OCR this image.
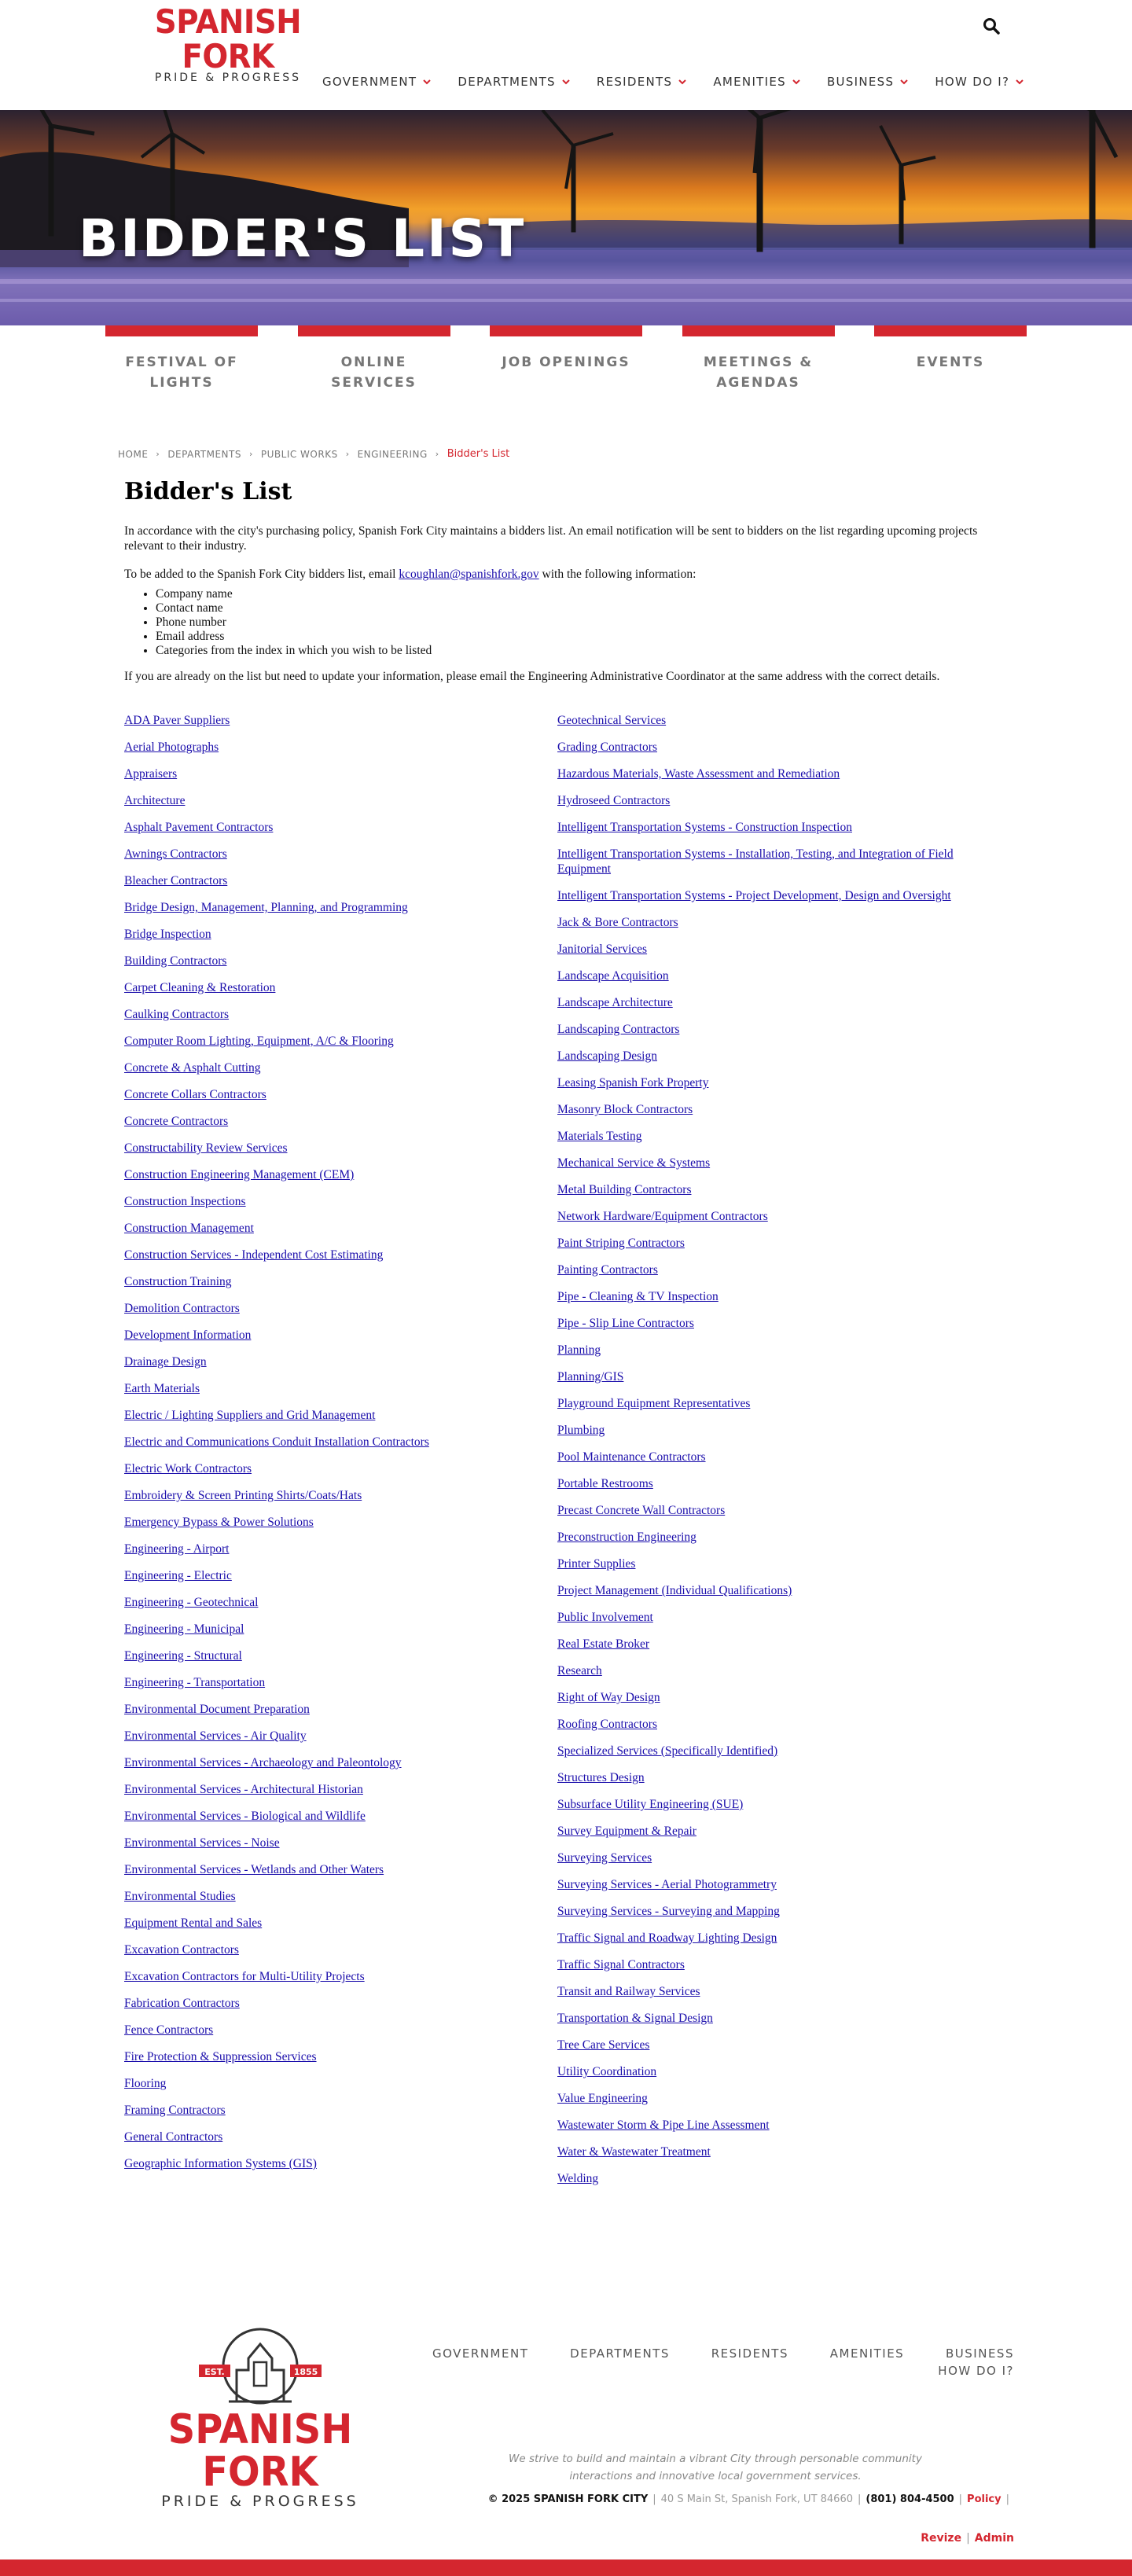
SPANISH FORK
PRIDE & PROGRESS	GOVERNMENT	DEPARTMENTS	RESIDENTS	AMENITIES	BUSINESS	HOW DO I?
BIDDER'S LIST
FESTIVAL OF LIGHTS
ONLINE SERVICES
JOB OPENINGS	MEETINGS & AGENDAS
EVENTS
HOME › DEPARTMENTS › PUBLIC WORKS › ENGINEERING › Bidder's List
Bidder's List

In accordance with the city's purchasing policy, Spanish Fork City maintains a bidders list. An email notification will be sent to bidders on the list regarding upcoming projects relevant to their industry.

To be added to the Spanish Fork City bidders list, email kcoughlan@spanishfork.gov with the following information:

• Company name
• Contact name
• Phone number
• Email address
• Categories from the index in which you wish to be listed

If you are already on the list but need to update your information, please email the Engineering Administrative Coordinator at the same address with the correct details.

ADA Paver Suppliers
Aerial Photographs
Appraisers
Architecture
Asphalt Pavement Contractors
Awnings Contractors
Bleacher Contractors
Bridge Design, Management, Planning, and Programming
Bridge Inspection
Building Contractors
Carpet Cleaning & Restoration
Caulking Contractors
Computer Room Lighting, Equipment, A/C & Flooring
Concrete & Asphalt Cutting
Concrete Collars Contractors
Concrete Contractors
Constructability Review Services
Construction Engineering Management (CEM)
Construction Inspections
Construction Management
Construction Services - Independent Cost Estimating
Construction Training
Demolition Contractors
Development Information
Drainage Design
Earth Materials
Electric / Lighting Suppliers and Grid Management
Electric and Communications Conduit Installation Contractors
Electric Work Contractors
Embroidery & Screen Printing Shirts/Coats/Hats
Emergency Bypass & Power Solutions
Engineering - Airport
Engineering - Electric
Engineering - Geotechnical
Engineering - Municipal
Engineering - Structural
Engineering - Transportation
Environmental Document Preparation
Environmental Services - Air Quality
Environmental Services - Archaeology and Paleontology
Environmental Services - Architectural Historian
Environmental Services - Biological and Wildlife
Environmental Services - Noise
Environmental Services - Wetlands and Other Waters
Environmental Studies
Equipment Rental and Sales
Excavation Contractors
Excavation Contractors for Multi-Utility Projects
Fabrication Contractors
Fence Contractors
Fire Protection & Suppression Services
Flooring
Framing Contractors
General Contractors
Geographic Information Systems (GIS)
Geotechnical Services
Grading Contractors
Hazardous Materials, Waste Assessment and Remediation
Hydroseed Contractors
Intelligent Transportation Systems - Construction Inspection
Intelligent Transportation Systems - Installation, Testing, and Integration of Field Equipment
Intelligent Transportation Systems - Project Development, Design and Oversight
Jack & Bore Contractors
Janitorial Services
Landscape Acquisition
Landscape Architecture
Landscaping Contractors
Landscaping Design
Leasing Spanish Fork Property
Masonry Block Contractors
Materials Testing
Mechanical Service & Systems
Metal Building Contractors
Network Hardware/Equipment Contractors
Paint Striping Contractors
Painting Contractors
Pipe - Cleaning & TV Inspection
Pipe - Slip Line Contractors
Planning
Planning/GIS
Playground Equipment Representatives
Plumbing
Pool Maintenance Contractors
Portable Restrooms
Precast Concrete Wall Contractors
Preconstruction Engineering
Printer Supplies
Project Management (Individual Qualifications)
Public Involvement
Real Estate Broker
Research
Right of Way Design
Roofing Contractors
Specialized Services (Specifically Identified)
Structures Design
Subsurface Utility Engineering (SUE)
Survey Equipment & Repair
Surveying Services
Surveying Services - Aerial Photogrammetry
Surveying Services - Surveying and Mapping
Traffic Signal and Roadway Lighting Design
Traffic Signal Contractors
Transit and Railway Services
Transportation & Signal Design
Tree Care Services
Utility Coordination
Value Engineering
Wastewater Storm & Pipe Line Assessment
Water & Wastewater Treatment
Welding
EST.	1855
SPANISH FORK
PRIDE & PROGRESS
GOVERNMENT	DEPARTMENTS	RESIDENTS	AMENITIES	BUSINESS
HOW DO I?

We strive to build and maintain a vibrant City through personable community interactions and innovative local government services.

© 2025 SPANISH FORK CITY | 40 S Main St, Spanish Fork, UT 84660 | (801) 804-4500 | Policy |
Revize | Admin
